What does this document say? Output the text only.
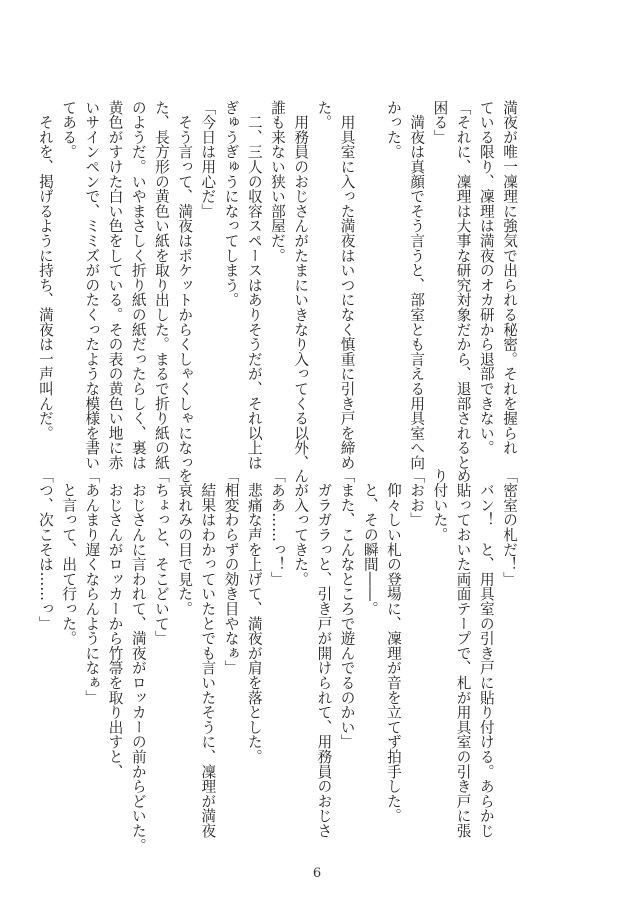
満夜が唯一凜理に強気で出られる秘密。それを握られ

ている限り、凜理は満夜のオカ研から退部できない。

「それに、凜理は大事な研究対象だから、退部されると

困る」

　満夜は真顔でそう言うと、部室とも言える用具室へ向

かった。

　用具室に入った満夜はいつになく慎重に引き戸を締め

た。

　用務員のおじさんがたまにいきなり入ってくる以外、

誰も来ない狭い部屋だ。

　二、三人の収容スペースはありそうだが、それ以上は

ぎゅうぎゅうになってしまう。

「今日は用心だ」

　そう言って、満夜はポケットからくしゃくしゃになっ

た、長方形の黄色い紙を取り出した。まるで折り紙の紙

のようだ。いやまさしく折り紙の紙だったらしく、裏は

黄色がすけた白い色をしている。その表の黄色い地に赤

いサインペンで、ミミズがのたくったような模様を書い

てある。

　それを、掲げるように持ち、満夜は一声叫んだ。

「密室の札だ！」

　バン！　と、用具室の引き戸に貼り付ける。あらかじ

め貼っておいた両面テープで、札が用具室の引き戸に張

り付いた。

「おお」

　仰々しい札の登場に、凜理が音を立てず拍手した。

　と、その瞬間――。

「また、こんなところで遊んでるのかい」

　ガラガラっと、引き戸が開けられて、用務員のおじさ

んが入ってきた。

「ああ……っ！」

　悲痛な声を上げて、満夜が肩を落とした。

「相変わらずの効き目やなぁ」

　結果はわかっていたとでも言いたそうに、凜理が満夜

を哀れみの目で見た。

「ちょっと、そこどいて」

　おじさんに言われて、満夜がロッカーの前からどいた。

　おじさんがロッカーから竹箒を取り出すと、

「あんまり遅くならんようになぁ」

　と言って、出て行った。

「つ、次こそは……っ」

6
